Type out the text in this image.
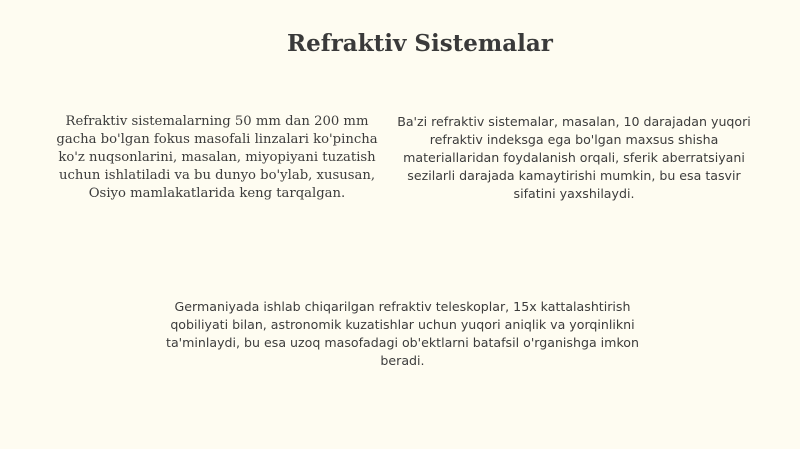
Refraktiv Sistemalar

Refraktiv sistemalarning 50 mm dan 200 mm gacha bo'lgan fokus masofali linzalari ko'pincha ko'z nuqsonlarini, masalan, miyopiyani tuzatish uchun ishlatiladi va bu dunyo bo'ylab, xususan, Osiyo mamlakatlarida keng tarqalgan.

Ba'zi refraktiv sistemalar, masalan, 10 darajadan yuqori refraktiv indeksga ega bo'lgan maxsus shisha materiallaridan foydalanish orqali, sferik aberratsiyani sezilarli darajada kamaytirishi mumkin, bu esa tasvir sifatini yaxshilaydi.

Germaniyada ishlab chiqarilgan refraktiv teleskoplar, 15x kattalashtirish qobiliyati bilan, astronomik kuzatishlar uchun yuqori aniqlik va yorqinlikni ta'minlaydi, bu esa uzoq masofadagi ob'ektlarni batafsil o'rganishga imkon beradi.
